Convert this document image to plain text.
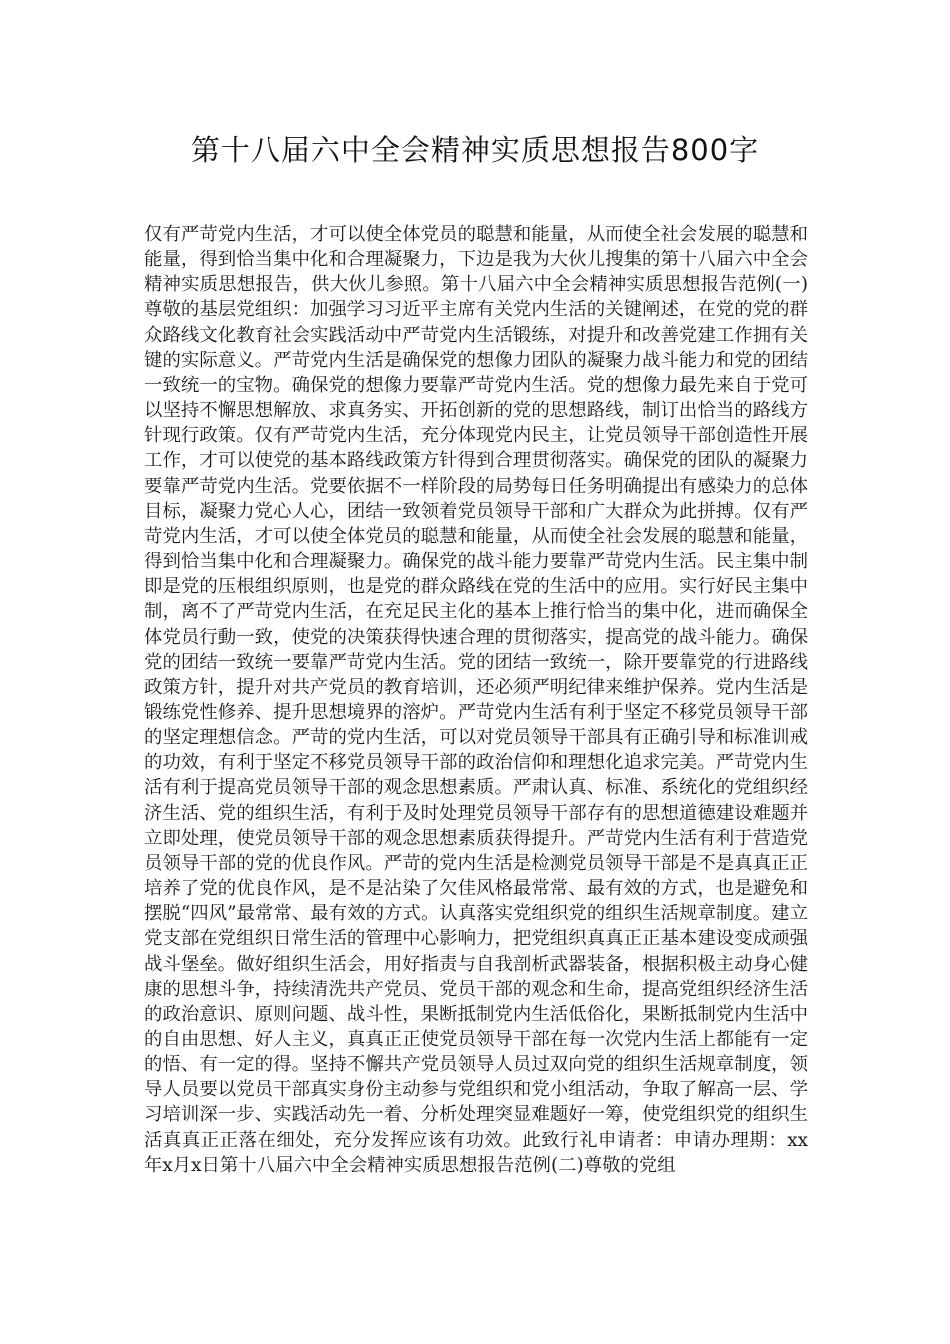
第十八届六中全会精神实质思想报告800字

仅有严苛党内生活，才可以使全体党员的聪慧和能量，从而使全社会发展的聪慧和能量，得到恰当集中化和合理凝聚力，下边是我为大伙儿搜集的第十八届六中全会精神实质思想报告，供大伙儿参照。第十八届六中全会精神实质思想报告范例(一)尊敬的基层党组织：加强学习习近平主席有关党内生活的关键阐述，在党的党的群众路线文化教育社会实践活动中严苛党内生活锻练，对提升和改善党建工作拥有关键的实际意义。严苛党内生活是确保党的想像力团队的凝聚力战斗能力和党的团结一致统一的宝物。确保党的想像力要靠严苛党内生活。党的想像力最先来自于党可以坚持不懈思想解放、求真务实、开拓创新的党的思想路线，制订出恰当的路线方针现行政策。仅有严苛党内生活，充分体现党内民主，让党员领导干部创造性开展工作，才可以使党的基本路线政策方针得到合理贯彻落实。确保党的团队的凝聚力要靠严苛党内生活。党要依据不一样阶段的局势每日任务明确提出有感染力的总体目标，凝聚力党心人心，团结一致领着党员领导干部和广大群众为此拼搏。仅有严苛党内生活，才可以使全体党员的聪慧和能量，从而使全社会发展的聪慧和能量，得到恰当集中化和合理凝聚力。确保党的战斗能力要靠严苛党内生活。民主集中制即是党的压根组织原则，也是党的群众路线在党的生活中的应用。实行好民主集中制，离不了严苛党内生活，在充足民主化的基本上推行恰当的集中化，进而确保全体党员行動一致，使党的决策获得快速合理的贯彻落实，提高党的战斗能力。确保党的团结一致统一要靠严苛党内生活。党的团结一致统一，除开要靠党的行进路线政策方针，提升对共产党员的教育培训，还必须严明纪律来维护保养。党内生活是锻练党性修养、提升思想境界的溶炉。严苛党内生活有利于坚定不移党员领导干部的坚定理想信念。严苛的党内生活，可以对党员领导干部具有正确引导和标准训戒的功效，有利于坚定不移党员领导干部的政治信仰和理想化追求完美。严苛党内生活有利于提高党员领导干部的观念思想素质。严肃认真、标准、系统化的党组织经济生活、党的组织生活，有利于及时处理党员领导干部存有的思想道德建设难题并立即处理，使党员领导干部的观念思想素质获得提升。严苛党内生活有利于营造党员领导干部的党的优良作风。严苛的党内生活是检测党员领导干部是不是真真正正培养了党的优良作风，是不是沾染了欠佳风格最常常、最有效的方式，也是避免和摆脱“四风”最常常、最有效的方式。认真落实党组织党的组织生活规章制度。建立党支部在党组织日常生活的管理中心影响力，把党组织真真正正基本建设变成顽强战斗堡垒。做好组织生活会，用好指责与自我剖析武器装备，根据积极主动身心健康的思想斗争，持续清洗共产党员、党员干部的观念和生命，提高党组织经济生活的政治意识、原则问题、战斗性，果断抵制党内生活低俗化，果断抵制党内生活中的自由思想、好人主义，真真正正使党员领导干部在每一次党内生活上都能有一定的悟、有一定的得。坚持不懈共产党员领导人员过双向党的组织生活规章制度，领导人员要以党员干部真实身份主动参与党组织和党小组活动，争取了解高一层、学习培训深一步、实践活动先一着、分析处理突显难题好一筹，使党组织党的组织生活真真正正落在细处，充分发挥应该有功效。此致行礼申请者：申请办理期：xx年x月x日第十八届六中全会精神实质思想报告范例(二)尊敬的党组
